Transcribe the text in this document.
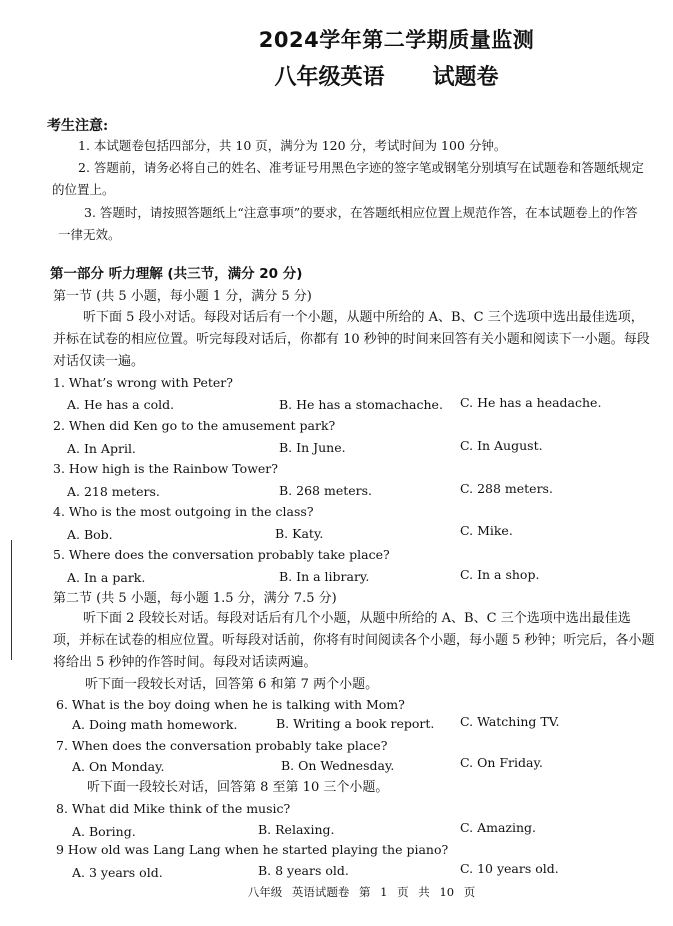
2024学年第二学期质量监测
八年级英语 试题卷
考生注意:
1. 本试题卷包括四部分，共 10 页，满分为 120 分，考试时间为 100 分钟。
2. 答题前，请务必将自己的姓名、准考证号用黑色字迹的签字笔或钢笔分别填写在试题卷和答题纸规定的位置上。
3. 答题时，请按照答题纸上“注意事项”的要求，在答题纸相应位置上规范作答，在本试题卷上的作答一律无效。
第一部分 听力理解 (共三节，满分 20 分)
第一节 (共 5 小题，每小题 1 分，满分 5 分)
听下面 5 段小对话。每段对话后有一个小题，从题中所给的 A、B、C 三个选项中选出最佳选项，并标在试卷的相应位置。听完每段对话后，你都有 10 秒钟的时间来回答有关小题和阅读下一小题。每段对话仅读一遍。
1. What’s wrong with Peter?
A. He has a cold.	B. He has a stomachache. C. He has a headache.
2. When did Ken go to the amusement park?
A. In April.	B. In June.	C. In August.
3. How high is the Rainbow Tower?
A. 218 meters.	B. 268 meters.	C. 288 meters.
4. Who is the most outgoing in the class?
A. Bob.	B. Katy.	C. Mike.
5. Where does the conversation probably take place?
A. In a park.	B. In a library.	C. In a shop.
第二节 (共 5 小题，每小题 1.5 分，满分 7.5 分)
听下面 2 段较长对话。每段对话后有几个小题，从题中所给的 A、B、C 三个选项中选出最佳选项，并标在试卷的相应位置。听每段对话前，你将有时间阅读各个小题，每小题 5 秒钟；听完后，各小题将给出 5 秒钟的作答时间。每段对话读两遍。
听下面一段较长对话，回答第 6 和第 7 两个小题。
6. What is the boy doing when he is talking with Mom?
A. Doing math homework.	B. Writing a book report. C. Watching TV.
7. When does the conversation probably take place?
A. On Monday.	B. On Wednesday.	C. On Friday.
听下面一段较长对话，回答第 8 至第 10 三个小题。
8. What did Mike think of the music?
A. Boring.	B. Relaxing.	C. Amazing.
9 How old was Lang Lang when he started playing the piano?
A. 3 years old.	B. 8 years old.	C. 10 years old.
八年级 英语试题卷 第 1 页 共 10 页
